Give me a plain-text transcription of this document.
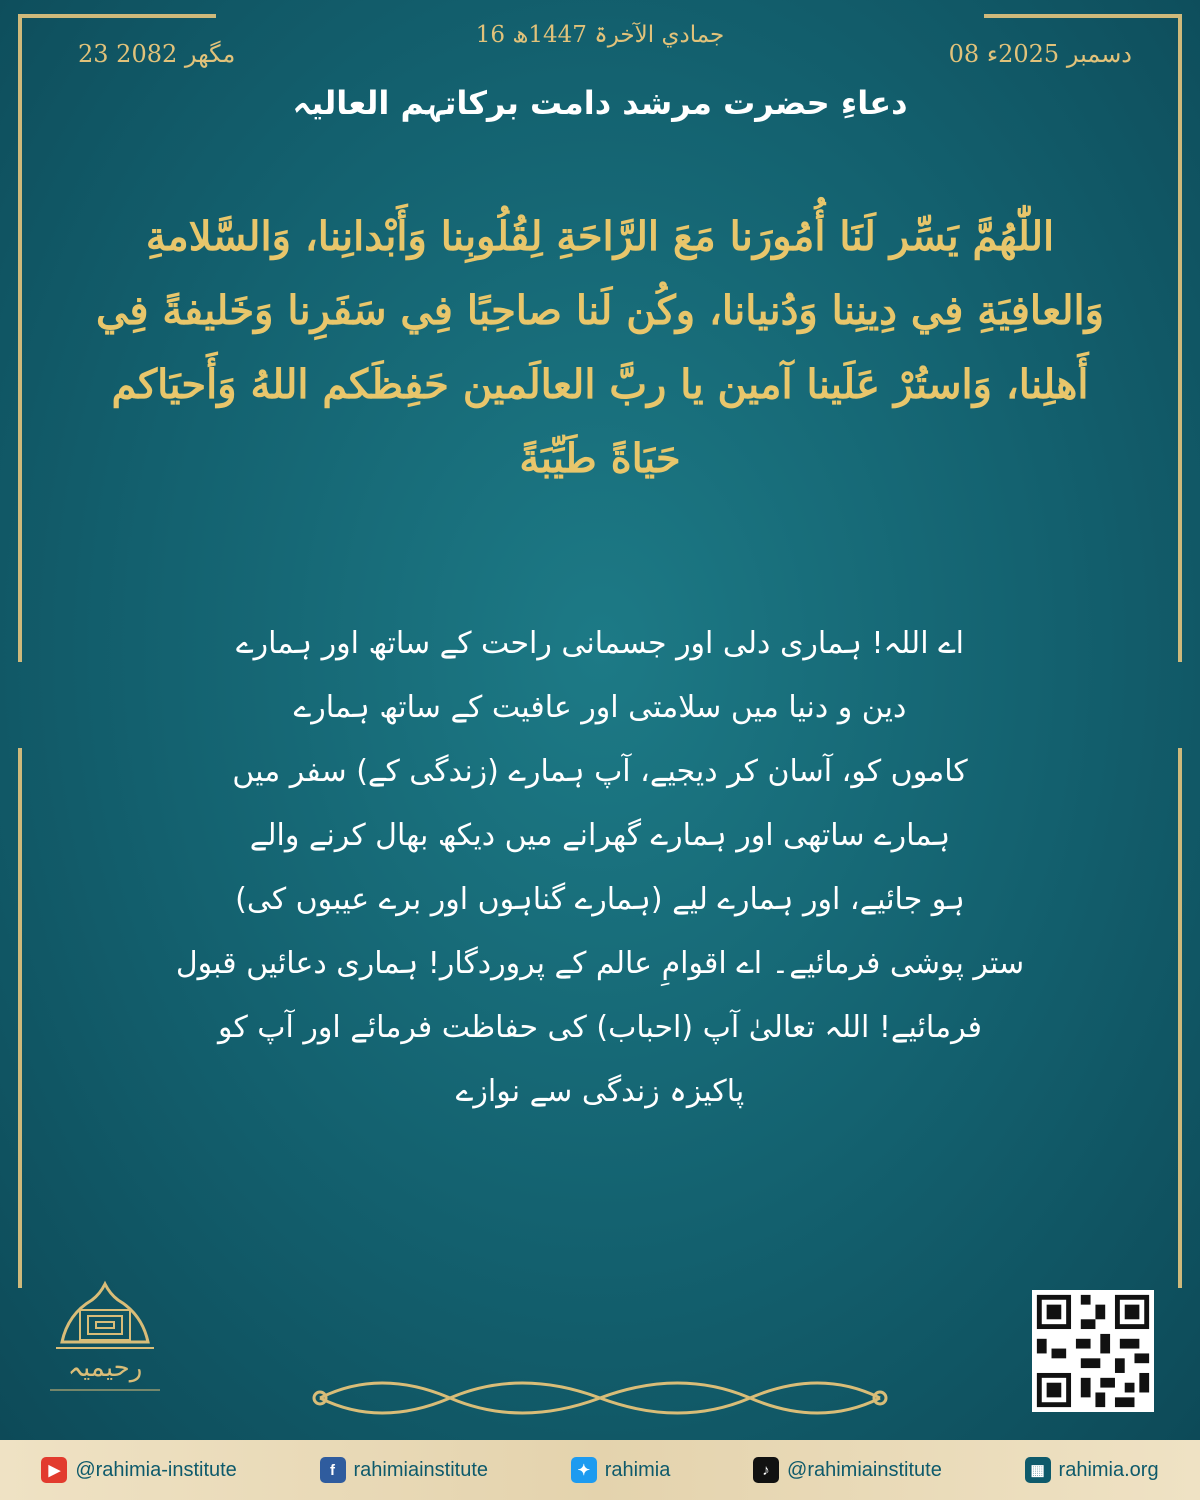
23 مگھر 2082
16 جمادي الآخرۃ 1447ھ
08 دسمبر 2025ء
دعاءِ حضرت مرشد دامت برکاتہم العالیہ
اللّٰهُمَّ يَسِّر لَنَا أُمُورَنا مَعَ الرَّاحَةِ لِقُلُوبِنا وَأَبْدانِنا، وَالسَّلامةِ وَالعافِيَةِ فِي دِينِنا وَدُنيانا، وكُن لَنا صاحِبًا فِي سَفَرِنا وَخَليفةً فِي أَهلِنا، وَاستُرْ عَلَينا آمين يا ربَّ العالَمين حَفِظَكم اللهُ وَأَحيَاكم حَيَاةً طَيِّبَةً
اے اللہ! ہماری دلی اور جسمانی راحت کے ساتھ اور ہمارے
دین و دنیا میں سلامتی اور عافیت کے ساتھ ہمارے
کاموں کو، آسان کر دیجیے، آپ ہمارے (زندگی کے) سفر میں
ہمارے ساتھی اور ہمارے گھرانے میں دیکھ بھال کرنے والے
ہو جائیے، اور ہمارے لیے (ہمارے گناہوں اور برے عیبوں کی)
ستر پوشی فرمائیے۔ اے اقوامِ عالم کے پروردگار! ہماری دعائیں قبول
فرمائیے! اللہ تعالیٰ آپ (احباب) کی حفاظت فرمائے اور آپ کو
پاکیزہ زندگی سے نوازے
رحیمیہ
▶ @rahimia-institute	f rahimiainstitute	✦ rahimia	♪ @rahimiainstitute	▦ rahimia.org
